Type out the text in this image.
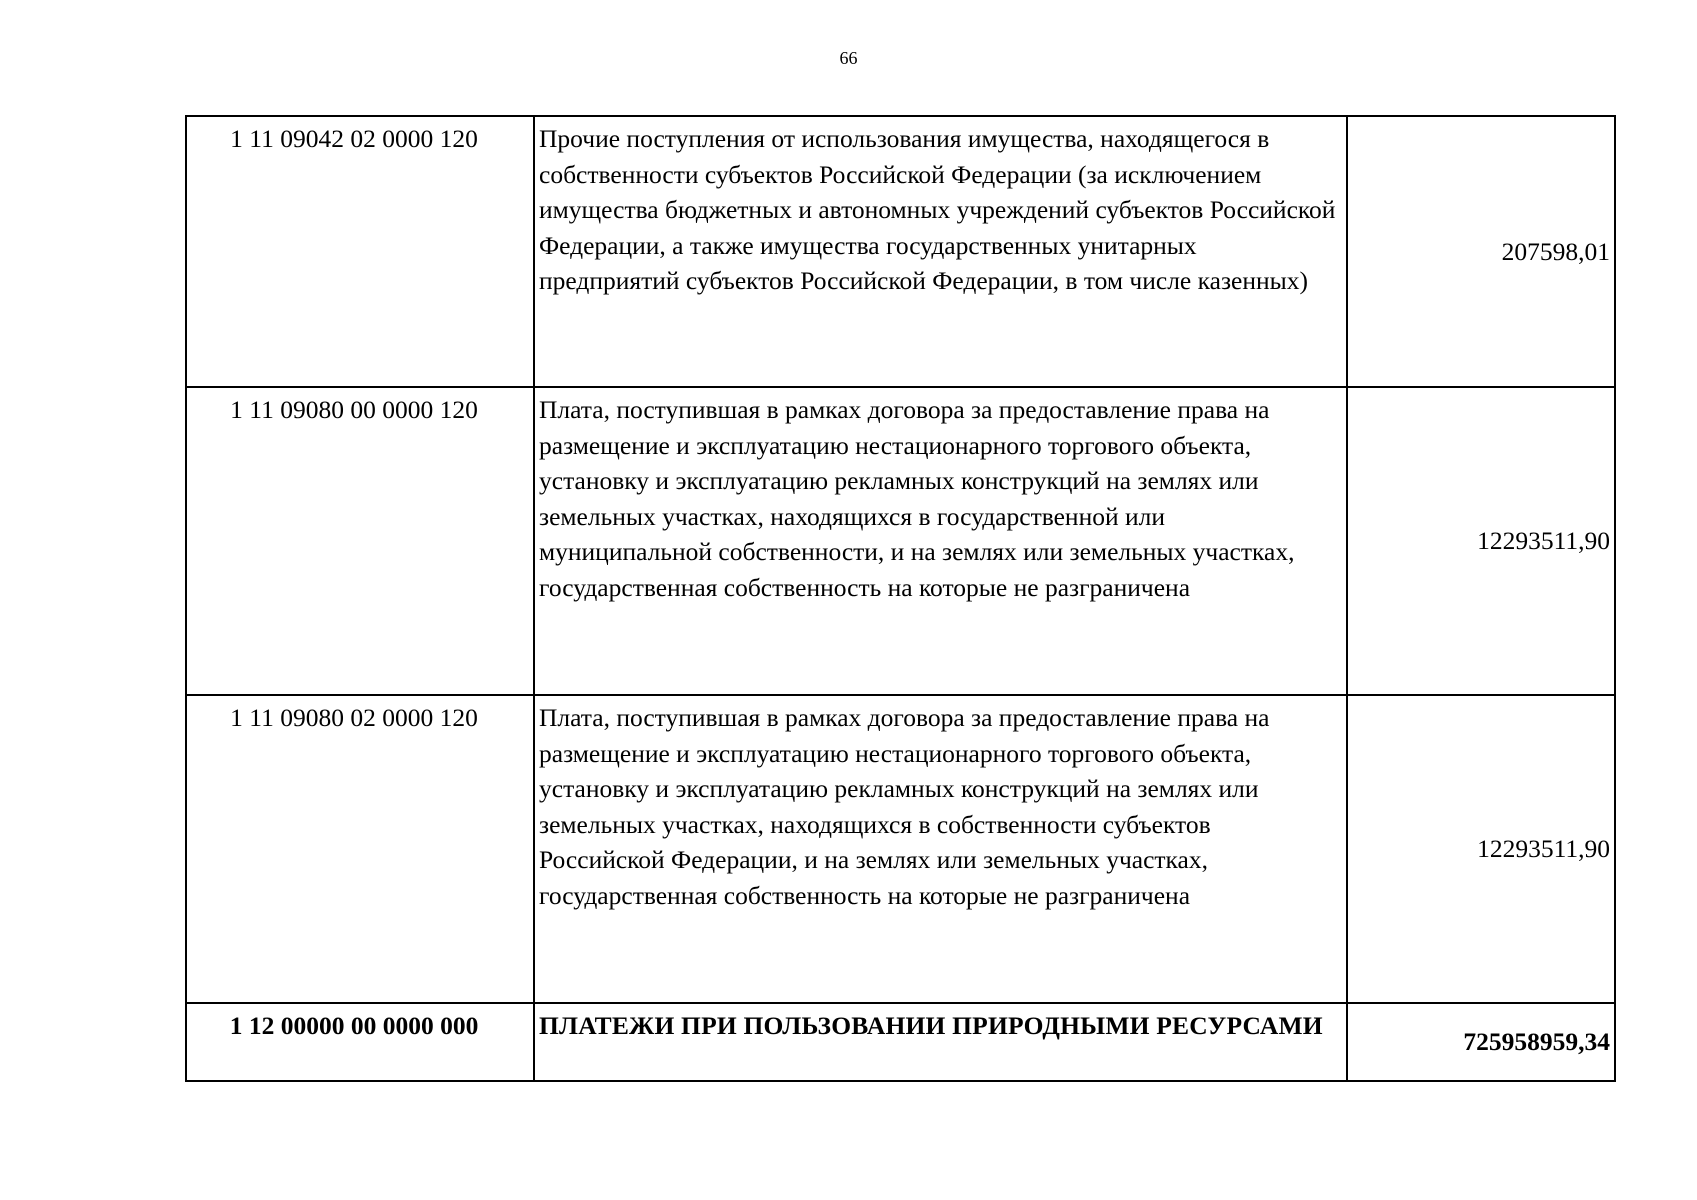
66
1 11 09042 02 0000 120	Прочие поступления от использования имущества, находящегося в собственности субъектов Российской Федерации (за исключением имущества бюджетных и автономных учреждений субъектов Российской Федерации, а также имущества государственных унитарных предприятий субъектов Российской Федерации, в том числе казенных)	207598,01
1 11 09080 00 0000 120	Плата, поступившая в рамках договора за предоставление права на размещение и эксплуатацию нестационарного торгового объекта, установку и эксплуатацию рекламных конструкций на землях или земельных участках, находящихся в государственной или муниципальной собственности, и на землях или земельных участках, государственная собственность на которые не разграничена	12293511,90
1 11 09080 02 0000 120	Плата, поступившая в рамках договора за предоставление права на размещение и эксплуатацию нестационарного торгового объекта, установку и эксплуатацию рекламных конструкций на землях или земельных участках, находящихся в собственности субъектов Российской Федерации, и на землях или земельных участках, государственная собственность на которые не разграничена	12293511,90
1 12 00000 00 0000 000	ПЛАТЕЖИ ПРИ ПОЛЬЗОВАНИИ ПРИРОДНЫМИ РЕСУРСАМИ	725958959,34
